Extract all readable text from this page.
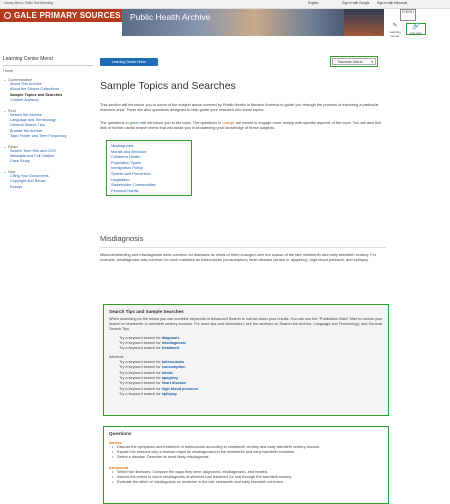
Library Menu / Skills Test Branding	English	Sign in with Google Sign in with Microsoft
GALE PRIMARY SOURCES	Public Health Archive	G M N I
ⓘ
About
✎
Learning Center
🔗
Get Link
Learning Center Menu
Home
⌄ Contextualize
About This Archive
About the Source Collections
Sample Topics and Searches
Content Advisory
⌄ Find
Search the Archive
Language and Terminology
General Search Tips
Browse the Archive
Topic Finder and Term Frequency
⌄ Read
Search Term Hits and OCR
Metadata and Full Citation
Case Study
⌄ Use
Citing Your Documents
Copyright and Reuse
Essays
Learning Center Home	Translate Article ▾
Sample Topics and Searches

This section will introduce you to some of the subject areas covered by Public Health in Modern America to guide you through the process of exploring a particular research area. There are also questions designed to help guide your research into these topics.

The questions in green will introduce you to the topic. The questions in orange are meant to engage more deeply with specific aspects of the topic. You will also find lists of further useful search terms that will assist you in broadening your knowledge of these subjects.

Misdiagnosis
Morals and Behavior
Children's Health
Population Types
Immigration Policy
Spread and Prevention
Legislation
Stakeholder Communities
Personal Habits
Misdiagnosis

Misunderstanding and misdiagnosis were common for diseases as views of them changed over the course of the late nineteenth and early twentieth century. For example, misdiagnosis was common for such maladies as tuberculosis (consumption) heart disease (stroke or apoplexy), high blood pressure, and epilepsy.

Search Tips and Sample Searches
When searching on the below you can combine keywords in Advanced Search to narrow down your results. You can use the "Publication Date" filter to narrow your search to nineteenth or twentieth century sources. For more tips and information, see the sections on Search the Archive, Language and Terminology, and General Search Tips.
Try a keyword search for diagnosis
Try a keyword search for misdiagnosis
Try a keyword search for treatment
Ailments
Try a keyword search for tuberculosis
Try a keyword search for consumption
Try a keyword search for stroke
Try a keyword search for apoplexy
Try a keyword search for heart disease
Try a keyword search for high blood pressure
Try a keyword search for epilepsy
Questions
Novice
• Discuss the symptoms and treatment of tuberculosis according to nineteenth century and early twentieth century doctors.
• Explain the reasons why a disease might be misdiagnosed in the nineteenth and early twentieth centuries.
• Select a disease. Describe its most likely misdiagnosis.
Advanced
• Select two illnesses. Compare the ways they were diagnosed, misdiagnosed, and treated.
• Assess the extent to which misdiagnosis of ailments had lessened (or not) through the twentieth century.
• Evaluate the effect of misdiagnosis on medicine in the late nineteenth and early twentieth centuries.
